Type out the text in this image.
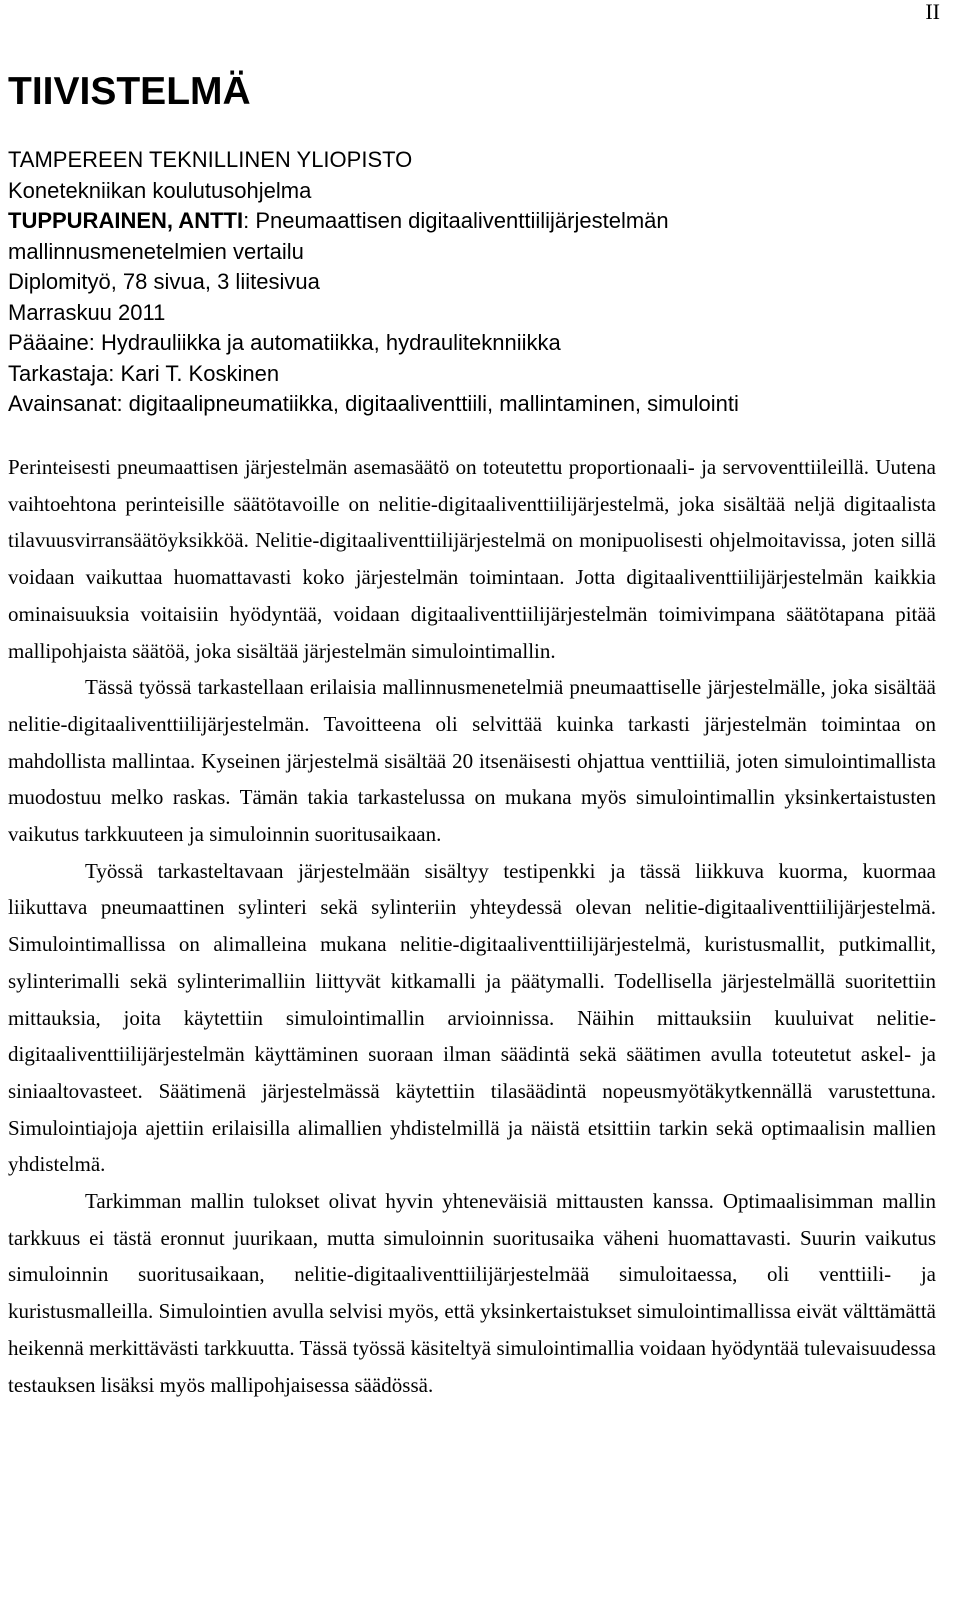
II
TIIVISTELMÄ
TAMPEREEN TEKNILLINEN YLIOPISTO
Konetekniikan koulutusohjelma
TUPPURAINEN, ANTTI: Pneumaattisen digitaaliventtiilijärjestelmän
mallinnusmenetelmien vertailu
Diplomityö, 78 sivua, 3 liitesivua
Marraskuu 2011
Pääaine: Hydrauliikka ja automatiikka, hydrauliteknniikka
Tarkastaja: Kari T. Koskinen
Avainsanat: digitaalipneumatiikka, digitaaliventtiili, mallintaminen, simulointi

Perinteisesti pneumaattisen järjestelmän asemasäätö on toteutettu proportionaali- ja servoventtiileillä. Uutena vaihtoehtona perinteisille säätötavoille on nelitie-digitaaliventtiilijärjestelmä, joka sisältää neljä digitaalista tilavuusvirransäätöyksikköä. Nelitie-digitaaliventtiilijärjestelmä on monipuolisesti ohjelmoitavissa, joten sillä voidaan vaikuttaa huomattavasti koko järjestelmän toimintaan. Jotta digitaaliventtiilijärjestelmän kaikkia ominaisuuksia voitaisiin hyödyntää, voidaan digitaaliventtiilijärjestelmän toimivimpana säätötapana pitää mallipohjaista säätöä, joka sisältää järjestelmän simulointimallin.

Tässä työssä tarkastellaan erilaisia mallinnusmenetelmiä pneumaattiselle järjestelmälle, joka sisältää nelitie-digitaaliventtiilijärjestelmän. Tavoitteena oli selvittää kuinka tarkasti järjestelmän toimintaa on mahdollista mallintaa. Kyseinen järjestelmä sisältää 20 itsenäisesti ohjattua venttiiliä, joten simulointimallista muodostuu melko raskas. Tämän takia tarkastelussa on mukana myös simulointimallin yksinkertaistusten vaikutus tarkkuuteen ja simuloinnin suoritusaikaan.

Työssä tarkasteltavaan järjestelmään sisältyy testipenkki ja tässä liikkuva kuorma, kuormaa liikuttava pneumaattinen sylinteri sekä sylinteriin yhteydessä olevan nelitie-digitaaliventtiilijärjestelmä. Simulointimallissa on alimalleina mukana nelitie-digitaaliventtiilijärjestelmä, kuristusmallit, putkimallit, sylinterimalli sekä sylinterimalliin liittyvät kitkamalli ja päätymalli. Todellisella järjestelmällä suoritettiin mittauksia, joita käytettiin simulointimallin arvioinnissa. Näihin mittauksiin kuuluivat nelitie-digitaaliventtiilijärjestelmän käyttäminen suoraan ilman säädintä sekä säätimen avulla toteutetut askel- ja siniaaltovasteet. Säätimenä järjestelmässä käytettiin tilasäädintä nopeusmyötäkytkennällä varustettuna. Simulointiajoja ajettiin erilaisilla alimallien yhdistelmillä ja näistä etsittiin tarkin sekä optimaalisin mallien yhdistelmä.

Tarkimman mallin tulokset olivat hyvin yhteneväisiä mittausten kanssa. Optimaalisimman mallin tarkkuus ei tästä eronnut juurikaan, mutta simuloinnin suoritusaika väheni huomattavasti. Suurin vaikutus simuloinnin suoritusaikaan, nelitie-digitaaliventtiilijärjestelmää simuloitaessa, oli venttiili- ja kuristusmalleilla. Simulointien avulla selvisi myös, että yksinkertaistukset simulointimallissa eivät välttämättä heikennä merkittävästi tarkkuutta. Tässä työssä käsiteltyä simulointimallia voidaan hyödyntää tulevaisuudessa testauksen lisäksi myös mallipohjaisessa säädössä.
